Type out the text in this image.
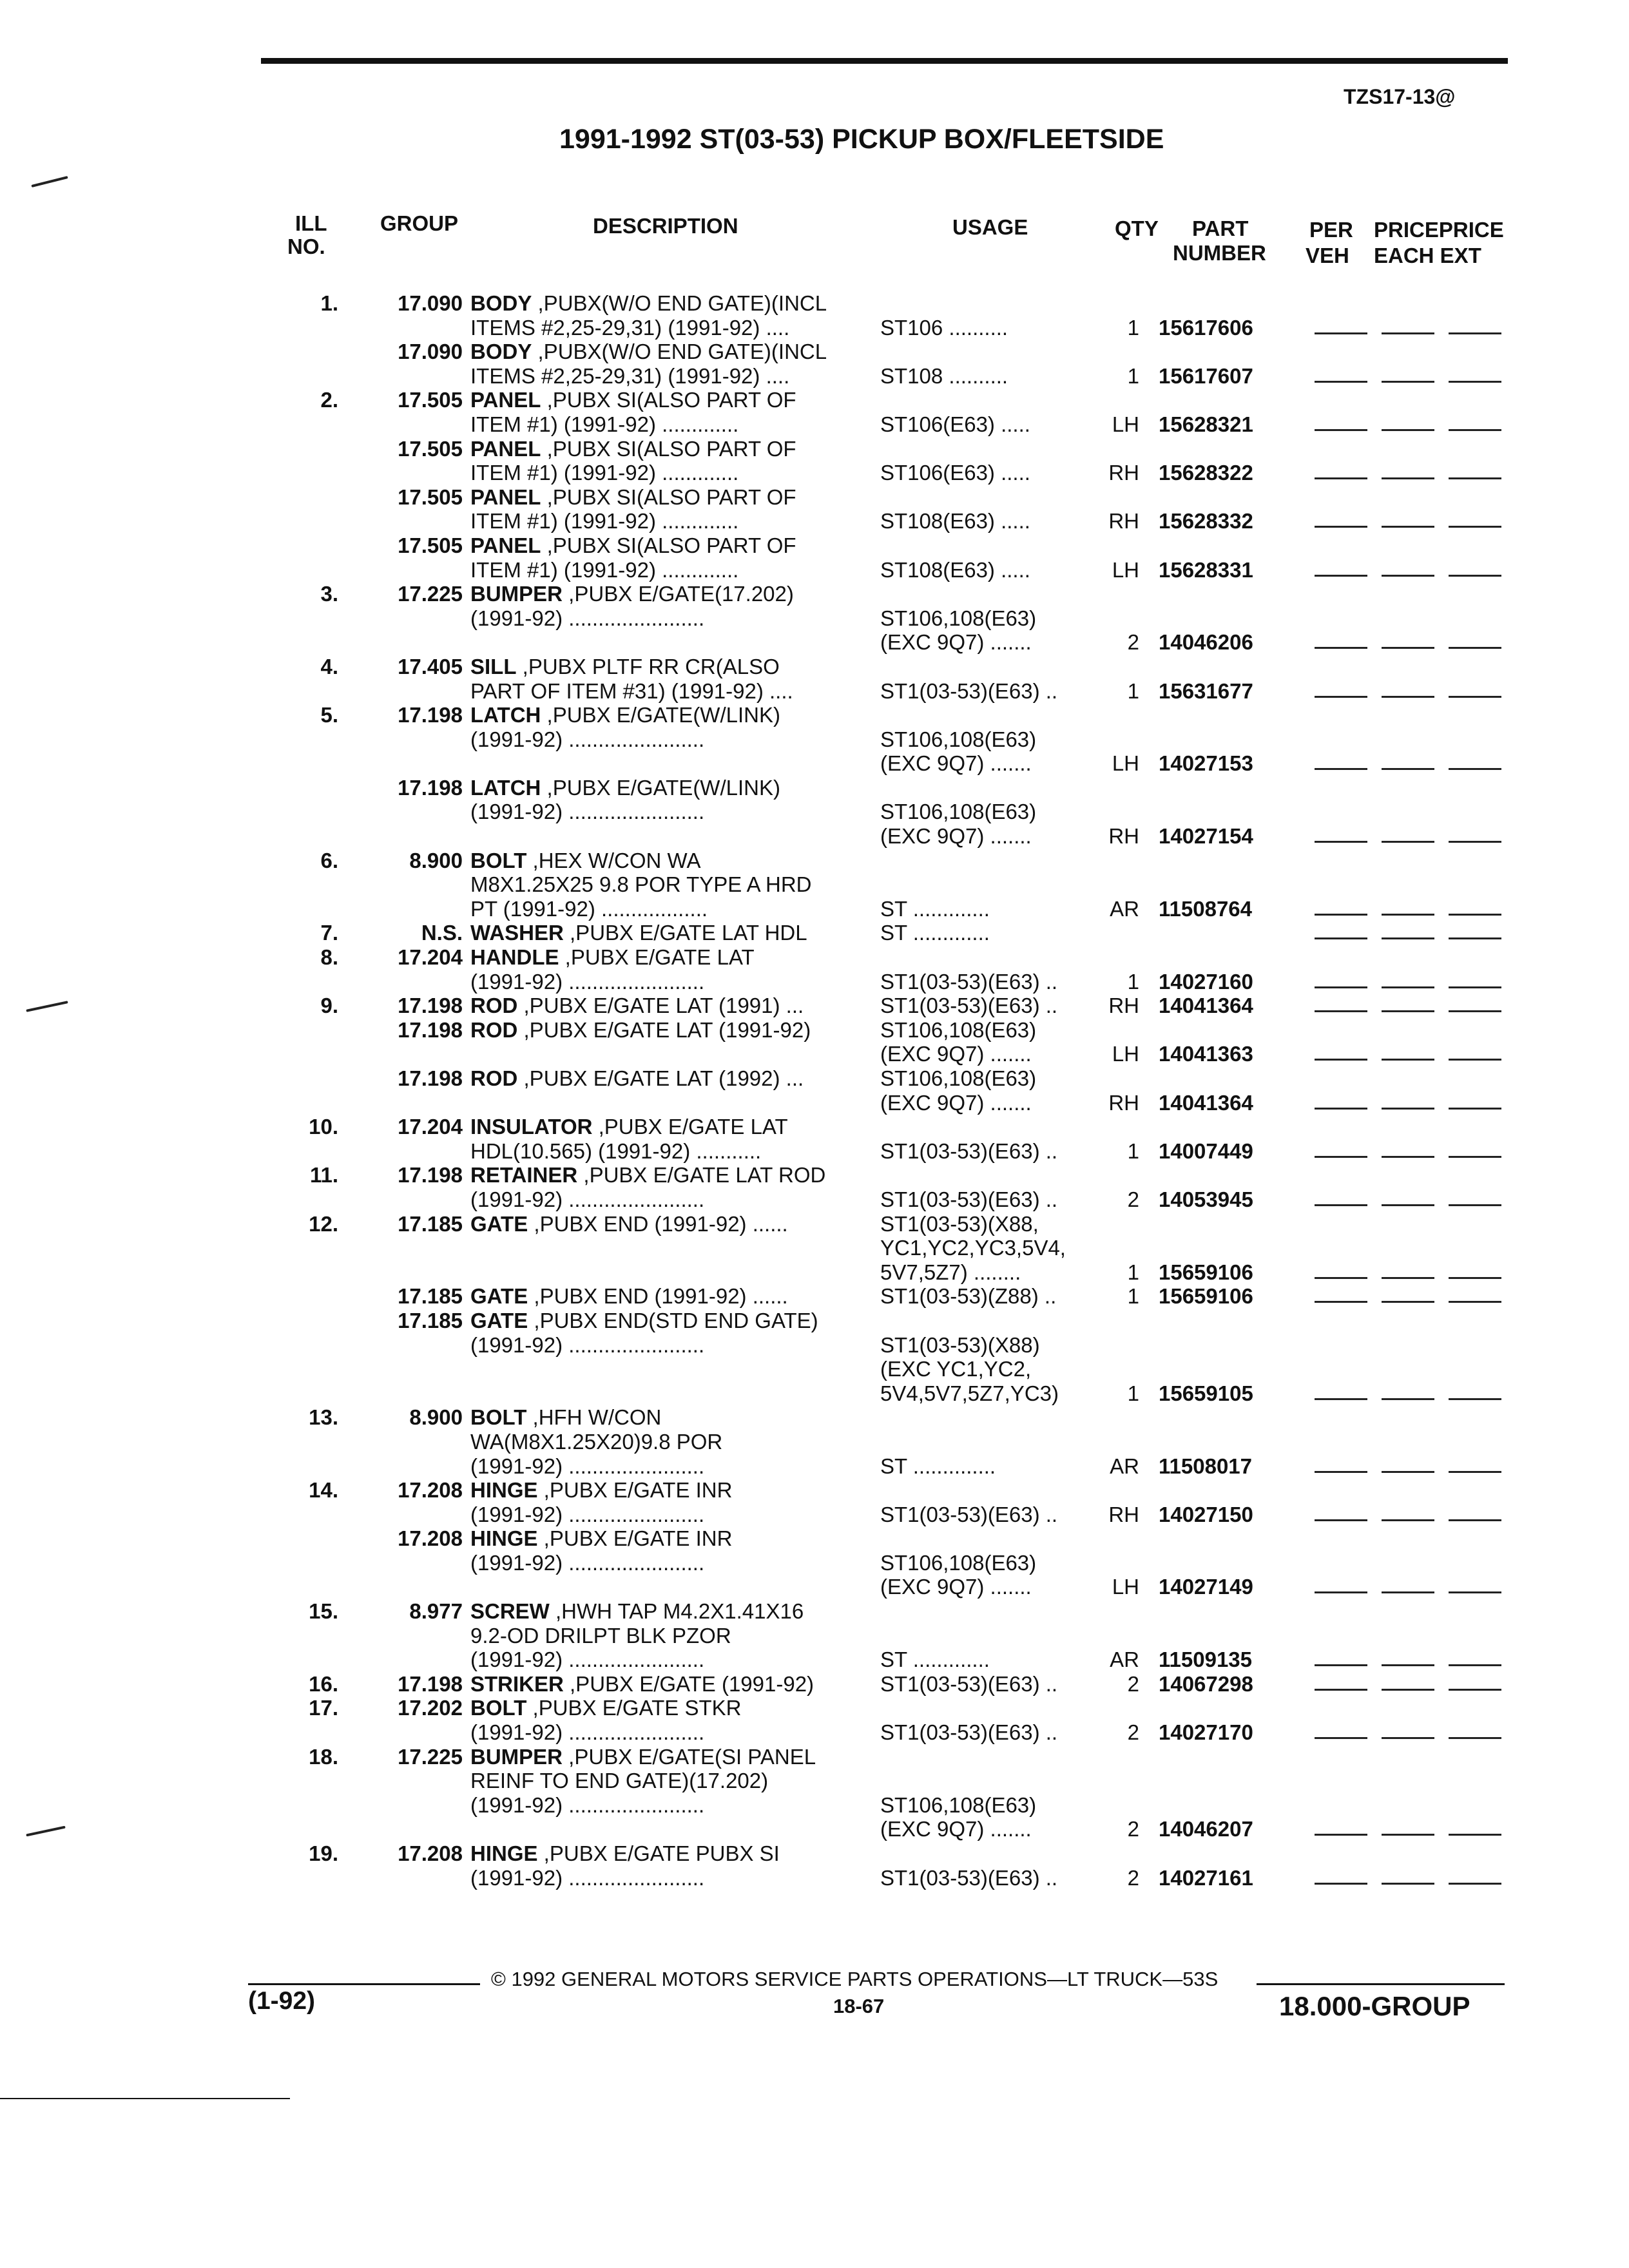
TZS17-13@
1991-1992 ST(03-53) PICKUP BOX/FLEETSIDE
ILL
NO.
GROUP	DESCRIPTION	USAGE	QTY PART
NUMBER
PER
VEH
PRICEPRICE
EACH EXT
1.	17.090 BODY ,PUBX(W/O END GATE)(INCL
ITEMS #2,25-29,31) (1991-92) ....	ST106 ..........	1 15617606
17.090 BODY ,PUBX(W/O END GATE)(INCL
ITEMS #2,25-29,31) (1991-92) ....	ST108 ..........	1 15617607
2.	17.505 PANEL ,PUBX SI(ALSO PART OF
ITEM #1) (1991-92) .............	ST106(E63) .....	LH 15628321
17.505 PANEL ,PUBX SI(ALSO PART OF
ITEM #1) (1991-92) .............	ST106(E63) .....	RH 15628322
17.505 PANEL ,PUBX SI(ALSO PART OF
ITEM #1) (1991-92) .............	ST108(E63) .....	RH 15628332
17.505 PANEL ,PUBX SI(ALSO PART OF
ITEM #1) (1991-92) .............	ST108(E63) .....	LH 15628331
3.	17.225 BUMPER ,PUBX E/GATE(17.202)
(1991-92) .......................	ST106,108(E63)
(EXC 9Q7) .......	2 14046206
4.	17.405 SILL ,PUBX PLTF RR CR(ALSO
PART OF ITEM #31) (1991-92) ....	ST1(03-53)(E63) ..	1 15631677
5.	17.198 LATCH ,PUBX E/GATE(W/LINK)
(1991-92) .......................	ST106,108(E63)
(EXC 9Q7) .......	LH 14027153
17.198 LATCH ,PUBX E/GATE(W/LINK)
(1991-92) .......................	ST106,108(E63)
(EXC 9Q7) .......	RH 14027154
6.	8.900 BOLT ,HEX W/CON WA
M8X1.25X25 9.8 POR TYPE A HRD
PT (1991-92) ..................	ST .............	AR 11508764
7.	N.S. WASHER ,PUBX E/GATE LAT HDL	ST .............
8.	17.204 HANDLE ,PUBX E/GATE LAT
(1991-92) .......................	ST1(03-53)(E63) ..	1 14027160
9.	17.198 ROD ,PUBX E/GATE LAT (1991) ...	ST1(03-53)(E63) .. RH 14041364
17.198 ROD ,PUBX E/GATE LAT (1991-92)	ST106,108(E63)
(EXC 9Q7) .......	LH 14041363
17.198 ROD ,PUBX E/GATE LAT (1992) ...	ST106,108(E63)
(EXC 9Q7) .......	RH 14041364
10.	17.204 INSULATOR ,PUBX E/GATE LAT
HDL(10.565) (1991-92) ...........	ST1(03-53)(E63) ..	1 14007449
11.	17.198 RETAINER ,PUBX E/GATE LAT ROD
(1991-92) .......................	ST1(03-53)(E63) ..	2 14053945
12.	17.185 GATE ,PUBX END (1991-92) ......	ST1(03-53)(X88,
YC1,YC2,YC3,5V4,
5V7,5Z7) ........	1 15659106
17.185 GATE ,PUBX END (1991-92) ......	ST1(03-53)(Z88) ..	1 15659106
17.185 GATE ,PUBX END(STD END GATE)
(1991-92) .......................	ST1(03-53)(X88)
(EXC YC1,YC2,
5V4,5V7,5Z7,YC3)	1 15659105
13.	8.900 BOLT ,HFH W/CON
WA(M8X1.25X20)9.8 POR
(1991-92) .......................	ST ..............	AR 11508017
14.	17.208 HINGE ,PUBX E/GATE INR
(1991-92) .......................	ST1(03-53)(E63) .. RH 14027150
17.208 HINGE ,PUBX E/GATE INR
(1991-92) .......................	ST106,108(E63)
(EXC 9Q7) .......	LH 14027149
15.	8.977 SCREW ,HWH TAP M4.2X1.41X16
9.2-OD DRILPT BLK PZOR
(1991-92) .......................	ST .............	AR 11509135
16.	17.198 STRIKER ,PUBX E/GATE (1991-92)	ST1(03-53)(E63) ..	2 14067298
17.	17.202 BOLT ,PUBX E/GATE STKR
(1991-92) .......................	ST1(03-53)(E63) ..	2 14027170
18.	17.225 BUMPER ,PUBX E/GATE(SI PANEL
REINF TO END GATE)(17.202)
(1991-92) .......................	ST106,108(E63)
(EXC 9Q7) .......	2 14046207
19.	17.208 HINGE ,PUBX E/GATE PUBX SI
(1991-92) .......................	ST1(03-53)(E63) ..	2 14027161
© 1992 GENERAL MOTORS SERVICE PARTS OPERATIONS—LT TRUCK—53S
18-67
(1-92)	18.000-GROUP
